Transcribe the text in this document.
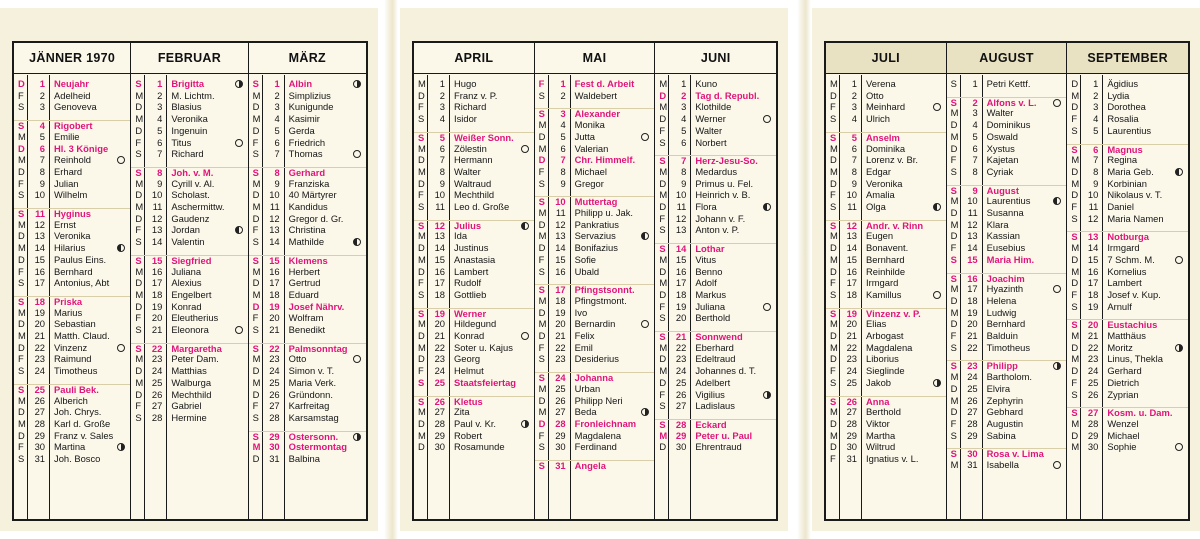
JÄNNER 1970
D	1 Neujahr
F	2 Adelheid
S	3 Genoveva
S	4 Rigobert
M	5 Emilie
D	6 Hl. 3 Könige
M	7 Reinhold
D	8 Erhard
F	9 Julian
S	10 Wilhelm
S	11 Hyginus
M 12 Ernst
D	13 Veronika
M 14 Hilarius
D	15 Paulus Eins.
F	16 Bernhard
S	17 Antonius, Abt
S	18 Priska
M 19 Marius
D	20 Sebastian
M 21 Matth. Claud.
D	22 Vinzenz
F	23 Raimund
S	24 Timotheus
S	25 Pauli Bek.
M 26 Alberich
D	27 Joh. Chrys.
M 28 Karl d. Große
D	29 Franz v. Sales
F	30 Martina
S	31 Joh. Bosco
FEBRUAR
S	1 Brigitta
M	2 M. Lichtm.
D	3 Blasius
M	4 Veronika
D	5 Ingenuin
F	6 Titus
S	7 Richard
S	8 Joh. v. M.
M	9 Cyrill v. Al.
D	10 Scholast.
M	11 Aschermittw.
D	12 Gaudenz
F	13 Jordan
S	14 Valentin
S	15 Siegfried
M 16 Juliana
D	17 Alexius
M 18 Engelbert
D	19 Konrad
F	20 Eleutherius
S	21 Eleonora
S	22 Margaretha
M 23 Peter Dam.
D	24 Matthias
M 25 Walburga
D	26 Mechthild
F	27 Gabriel
S	28 Hermine
MÄRZ
S	1 Albin
M	2 Simplizius
D	3 Kunigunde
M	4 Kasimir
D	5 Gerda
F	6 Friedrich
S	7 Thomas
S	8 Gerhard
M	9 Franziska
D	10 40 Märtyrer
M	11 Kandidus
D	12 Gregor d. Gr.
F	13 Christina
S	14 Mathilde
S	15 Klemens
M 16 Herbert
D	17 Gertrud
M 18 Eduard
D	19 Josef Nährv.
F	20 Wolfram
S	21 Benedikt
S	22 Palmsonntag
M 23 Otto
D	24 Simon v. T.
M 25 Maria Verk.
D	26 Gründonn.
F	27 Karfreitag
S	28 Karsamstag
S	29 Ostersonn.
M 30 Ostermontag
D	31 Balbina
APRIL
M	1 Hugo
D	2 Franz v. P.
F	3 Richard
S	4 Isidor
S	5 Weißer Sonn.
M	6 Zölestin
D	7 Hermann
M	8 Walter
D	9 Waltraud
F	10 Mechthild
S	11 Leo d. Große
S	12 Julius
M 13 Ida
D	14 Justinus
M 15 Anastasia
D	16 Lambert
F	17 Rudolf
S	18 Gottlieb
S	19 Werner
M 20 Hildegund
D	21 Konrad
M 22 Soter u. Kajus
D	23 Georg
F	24 Helmut
S	25 Staatsfeiertag
S	26 Kletus
M 27 Zita
D	28 Paul v. Kr.
M 29 Robert
D	30 Rosamunde
MAI
F	1 Fest d. Arbeit
S	2 Waldebert
S	3 Alexander
M	4 Monika
D	5 Jutta
M	6 Valerian
D	7 Chr. Himmelf.
F	8 Michael
S	9 Gregor
S	10 Muttertag
M	11 Philipp u. Jak.
D	12 Pankratius
M 13 Servazius
D	14 Bonifazius
F	15 Sofie
S	16 Ubald
S	17 Pfingstsonnt.
M 18 Pfingstmont.
D	19 Ivo
M 20 Bernardin
D	21 Felix
F	22 Emil
S	23 Desiderius
S	24 Johanna
M 25 Urban
D	26 Philipp Neri
M 27 Beda
D	28 Fronleichnam
F	29 Magdalena
S	30 Ferdinand
S	31 Angela
JUNI
M	1 Kuno
D	2 Tag d. Republ.
M	3 Klothilde
D	4 Werner
F	5 Walter
S	6 Norbert
S	7 Herz-Jesu-So.
M	8 Medardus
D	9 Primus u. Fel.
M 10 Heinrich v. B.
D	11 Flora
F	12 Johann v. F.
S	13 Anton v. P.
S	14 Lothar
M 15 Vitus
D	16 Benno
M 17 Adolf
D	18 Markus
F	19 Juliana
S	20 Berthold
S	21 Sonnwend
M 22 Eberhard
D	23 Edeltraud
M 24 Johannes d. T.
D	25 Adelbert
F	26 Vigilius
S	27 Ladislaus
S	28 Eckard
M 29 Peter u. Paul
D	30 Ehrentraud
JULI
M	1 Verena
D	2 Otto
F	3 Meinhard
S	4 Ulrich
S	5 Anselm
M	6 Dominika
D	7 Lorenz v. Br.
M	8 Edgar
D	9 Veronika
F	10 Amalia
S	11 Olga
S	12 Andr. v. Rinn
M 13 Eugen
D	14 Bonavent.
M 15 Bernhard
D	16 Reinhilde
F	17 Irmgard
S	18 Kamillus
S	19 Vinzenz v. P.
M 20 Elias
D	21 Arbogast
M 22 Magdalena
D	23 Liborius
F	24 Sieglinde
S	25 Jakob
S	26 Anna
M 27 Berthold
D	28 Viktor
M 29 Martha
D	30 Wiltrud
F	31 Ignatius v. L.
AUGUST
S	1 Petri Kettf.
S	2 Alfons v. L.
M	3 Walter
D	4 Dominikus
M	5 Oswald
D	6 Xystus
F	7 Kajetan
S	8 Cyriak
S	9 August
M 10 Laurentius
D	11 Susanna
M 12 Klara
D	13 Kassian
F	14 Eusebius
S	15 Maria Him.
S	16 Joachim
M 17 Hyazinth
D	18 Helena
M 19 Ludwig
D	20 Bernhard
F	21 Balduin
S	22 Timotheus
S	23 Philipp
M 24 Bartholom.
D	25 Elvira
M 26 Zephyrin
D	27 Gebhard
F	28 Augustin
S	29 Sabina
S	30 Rosa v. Lima
M 31 Isabella
SEPTEMBER
D	1 Ägidius
M	2 Lydia
D	3 Dorothea
F	4 Rosalia
S	5 Laurentius
S	6 Magnus
M	7 Regina
D	8 Maria Geb.
M	9 Korbinian
D	10 Nikolaus v. T.
F	11 Daniel
S	12 Maria Namen
S	13 Notburga
M 14 Irmgard
D	15 7 Schm. M.
M 16 Kornelius
D	17 Lambert
F	18 Josef v. Kup.
S	19 Arnulf
S	20 Eustachius
M 21 Matthäus
D	22 Moritz
M 23 Linus, Thekla
D	24 Gerhard
F	25 Dietrich
S	26 Zyprian
S	27 Kosm. u. Dam.
M 28 Wenzel
D	29 Michael
M 30 Sophie
